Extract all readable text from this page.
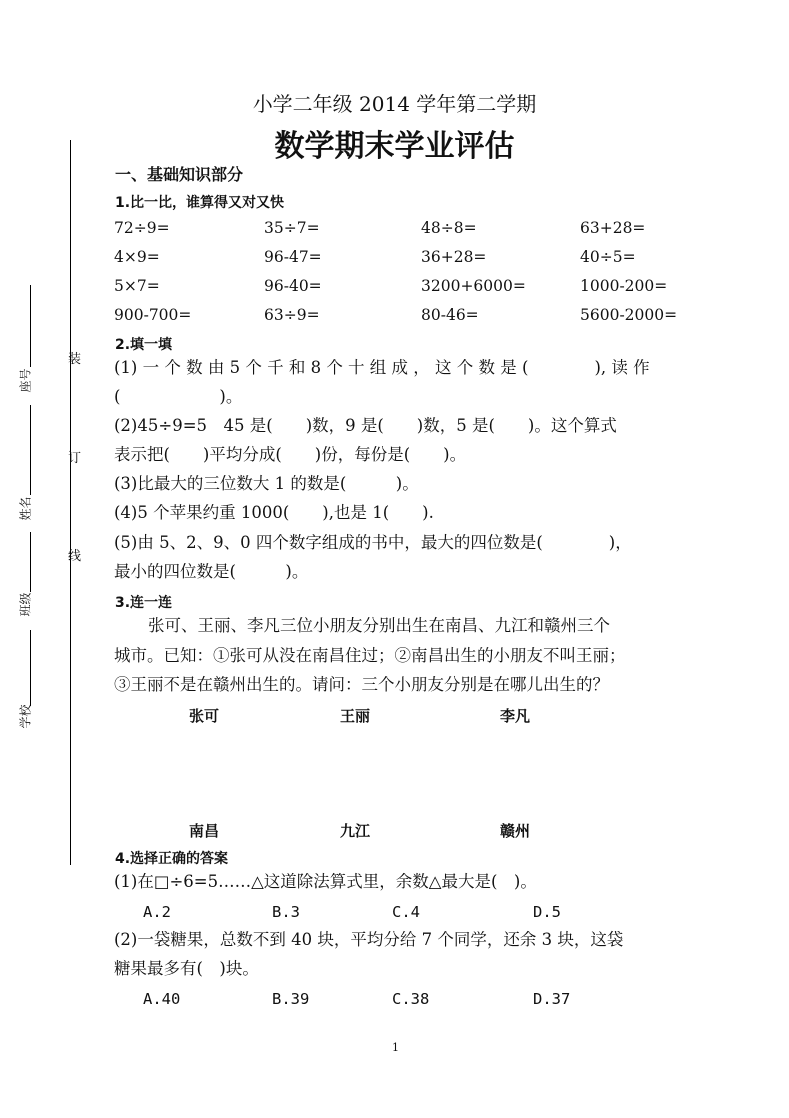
小学二年级 2014 学年第二学期
数学期末学业评估
装
订
线
座号
姓名
班级
学校
一、基础知识部分
1.比一比，谁算得又对又快
72÷9=	35÷7=	48÷8=	63+28=
4×9=	96-47=	36+28=	40÷5=
5×7=	96-40=	3200+6000=	1000-200=
900-700=	63÷9=	80-46=	5600-2000=
2.填一填
(1) 一 个 数 由 5 个 千 和 8 个 十 组 成 ， 这 个 数 是 (　　　　), 读 作
(　　　　　　)。
(2)45÷9=5　45 是(　　)数，9 是(　　)数，5 是(　　)。这个算式
表示把(　　)平均分成(　　)份，每份是(　　)。
(3)比最大的三位数大 1 的数是(　　　)。
(4)5 个苹果约重 1000(　　),也是 1(　　).
(5)由 5、2、9、0 四个数字组成的书中，最大的四位数是(　　　　)，
最小的四位数是(　　　)。
3.连一连
张可、王丽、李凡三位小朋友分别出生在南昌、九江和赣州三个
城市。已知：①张可从没在南昌住过；②南昌出生的小朋友不叫王丽；
③王丽不是在赣州出生的。请问：三个小朋友分别是在哪儿出生的？
张可	王丽	李凡
南昌	九江	赣州
4.选择正确的答案
(1)在□÷6=5……△这道除法算式里，余数△最大是(　)。
A.2	B.3	C.4	D.5
(2)一袋糖果，总数不到 40 块，平均分给 7 个同学，还余 3 块，这袋
糖果最多有(　)块。
A.40	B.39	C.38	D.37
1
